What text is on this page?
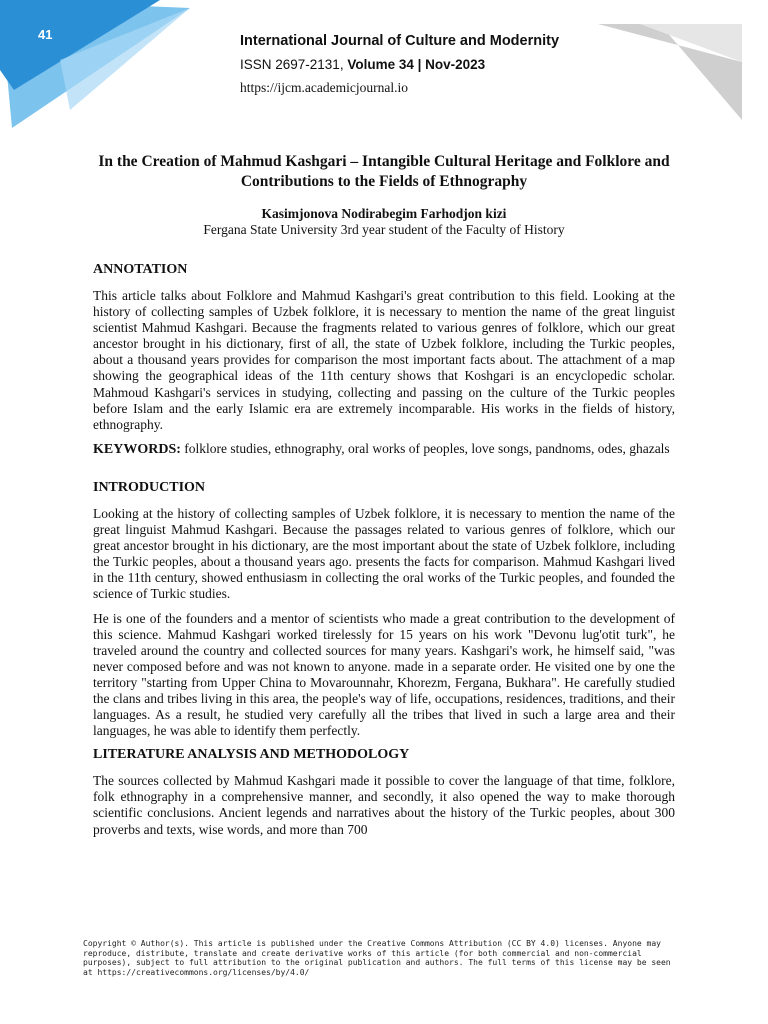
41	International Journal of Culture and Modernity
ISSN 2697-2131, Volume 34 | Nov-2023
https://ijcm.academicjournal.io
In the Creation of Mahmud Kashgari – Intangible Cultural Heritage and Folklore and Contributions to the Fields of Ethnography
Kasimjonova Nodirabegim Farhodjon kizi
Fergana State University 3rd year student of the Faculty of History
ANNOTATION

This article talks about Folklore and Mahmud Kashgari's great contribution to this field. Looking at the history of collecting samples of Uzbek folklore, it is necessary to mention the name of the great linguist scientist Mahmud Kashgari. Because the fragments related to various genres of folklore, which our great ancestor brought in his dictionary, first of all, the state of Uzbek folklore, including the Turkic peoples, about a thousand years provides for comparison the most important facts about. The attachment of a map showing the geographical ideas of the 11th century shows that Koshgari is an encyclopedic scholar. Mahmoud Kashgari's services in studying, collecting and passing on the culture of the Turkic peoples before Islam and the early Islamic era are extremely incomparable. His works in the fields of history, ethnography.

KEYWORDS: folklore studies, ethnography, oral works of peoples, love songs, pandnoms, odes, ghazals

INTRODUCTION

Looking at the history of collecting samples of Uzbek folklore, it is necessary to mention the name of the great linguist Mahmud Kashgari. Because the passages related to various genres of folklore, which our great ancestor brought in his dictionary, are the most important about the state of Uzbek folklore, including the Turkic peoples, about a thousand years ago. presents the facts for comparison. Mahmud Kashgari lived in the 11th century, showed enthusiasm in collecting the oral works of the Turkic peoples, and founded the science of Turkic studies.

He is one of the founders and a mentor of scientists who made a great contribution to the development of this science. Mahmud Kashgari worked tirelessly for 15 years on his work "Devonu lug'otit turk", he traveled around the country and collected sources for many years. Kashgari's work, he himself said, "was never composed before and was not known to anyone. made in a separate order. He visited one by one the territory "starting from Upper China to Movarounnahr, Khorezm, Fergana, Bukhara". He carefully studied the clans and tribes living in this area, the people's way of life, occupations, residences, traditions, and their languages. As a result, he studied very carefully all the tribes that lived in such a large area and their languages, he was able to identify them perfectly.

LITERATURE ANALYSIS AND METHODOLOGY

The sources collected by Mahmud Kashgari made it possible to cover the language of that time, folklore, folk ethnography in a comprehensive manner, and secondly, it also opened the way to make thorough scientific conclusions. Ancient legends and narratives about the history of the Turkic peoples, about 300 proverbs and texts, wise words, and more than 700

Copyright © Author(s). This article is published under the Creative Commons Attribution (CC BY 4.0) licenses. Anyone may reproduce, distribute, translate and create derivative works of this article (for both commercial and non-commercial purposes), subject to full attribution to the original publication and authors. The full terms of this license may be seen at https://creativecommons.org/licenses/by/4.0/
